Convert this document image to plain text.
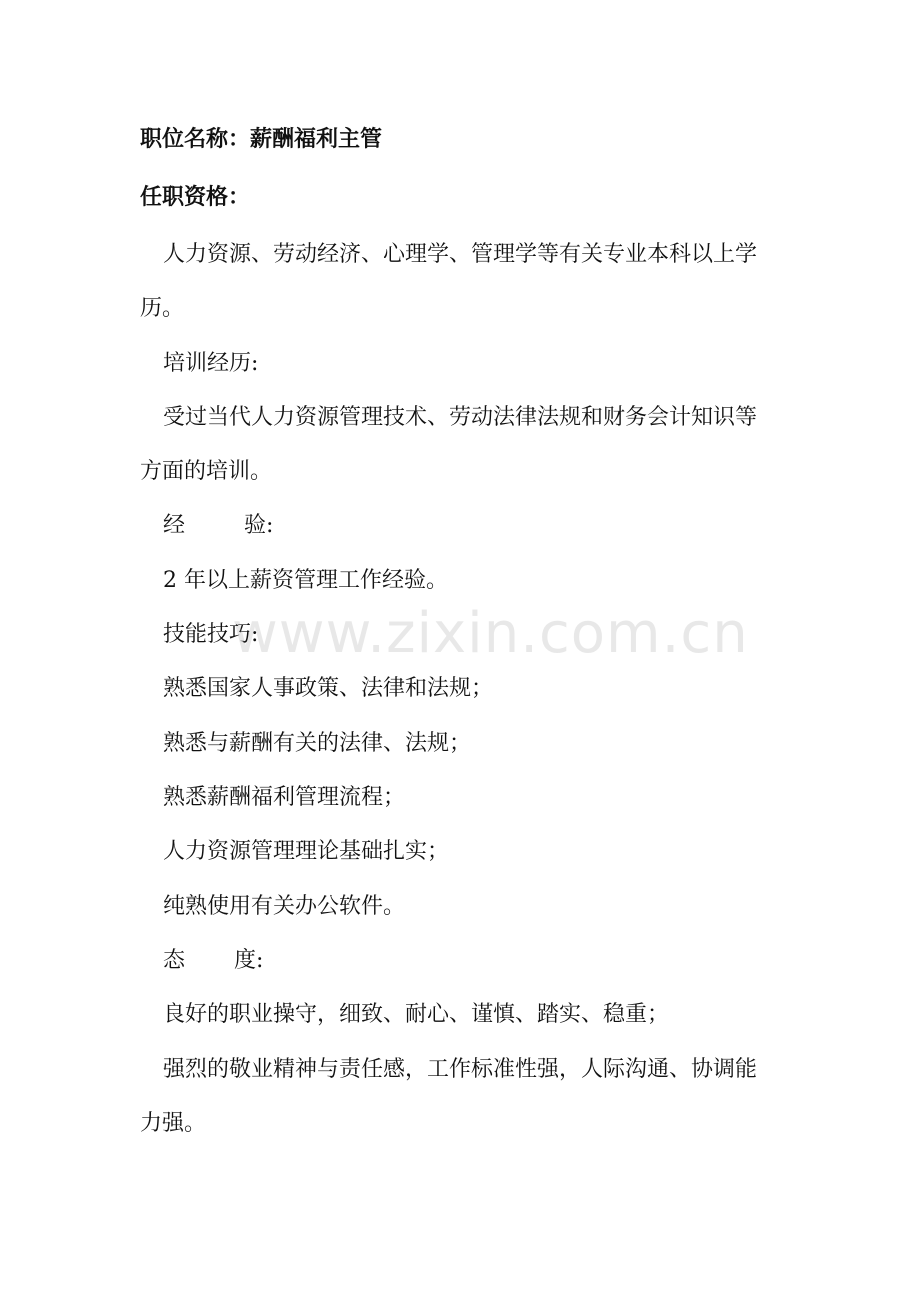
职位名称：薪酬福利主管
任职资格：
人力资源、劳动经济、心理学、管理学等有关专业本科以上学
历。
培训经历:
受过当代人力资源管理技术、劳动法律法规和财务会计知识等
方面的培训。
经	验:
2 年以上薪资管理工作经验。
技能技巧:
熟悉国家人事政策、法律和法规；
熟悉与薪酬有关的法律、法规；
熟悉薪酬福利管理流程；
人力资源管理理论基础扎实；
纯熟使用有关办公软件。
态 度:
良好的职业操守，细致、耐心、谨慎、踏实、稳重；
强烈的敬业精神与责任感，工作标准性强，人际沟通、协调能
力强。
www.zixin.com.cn
